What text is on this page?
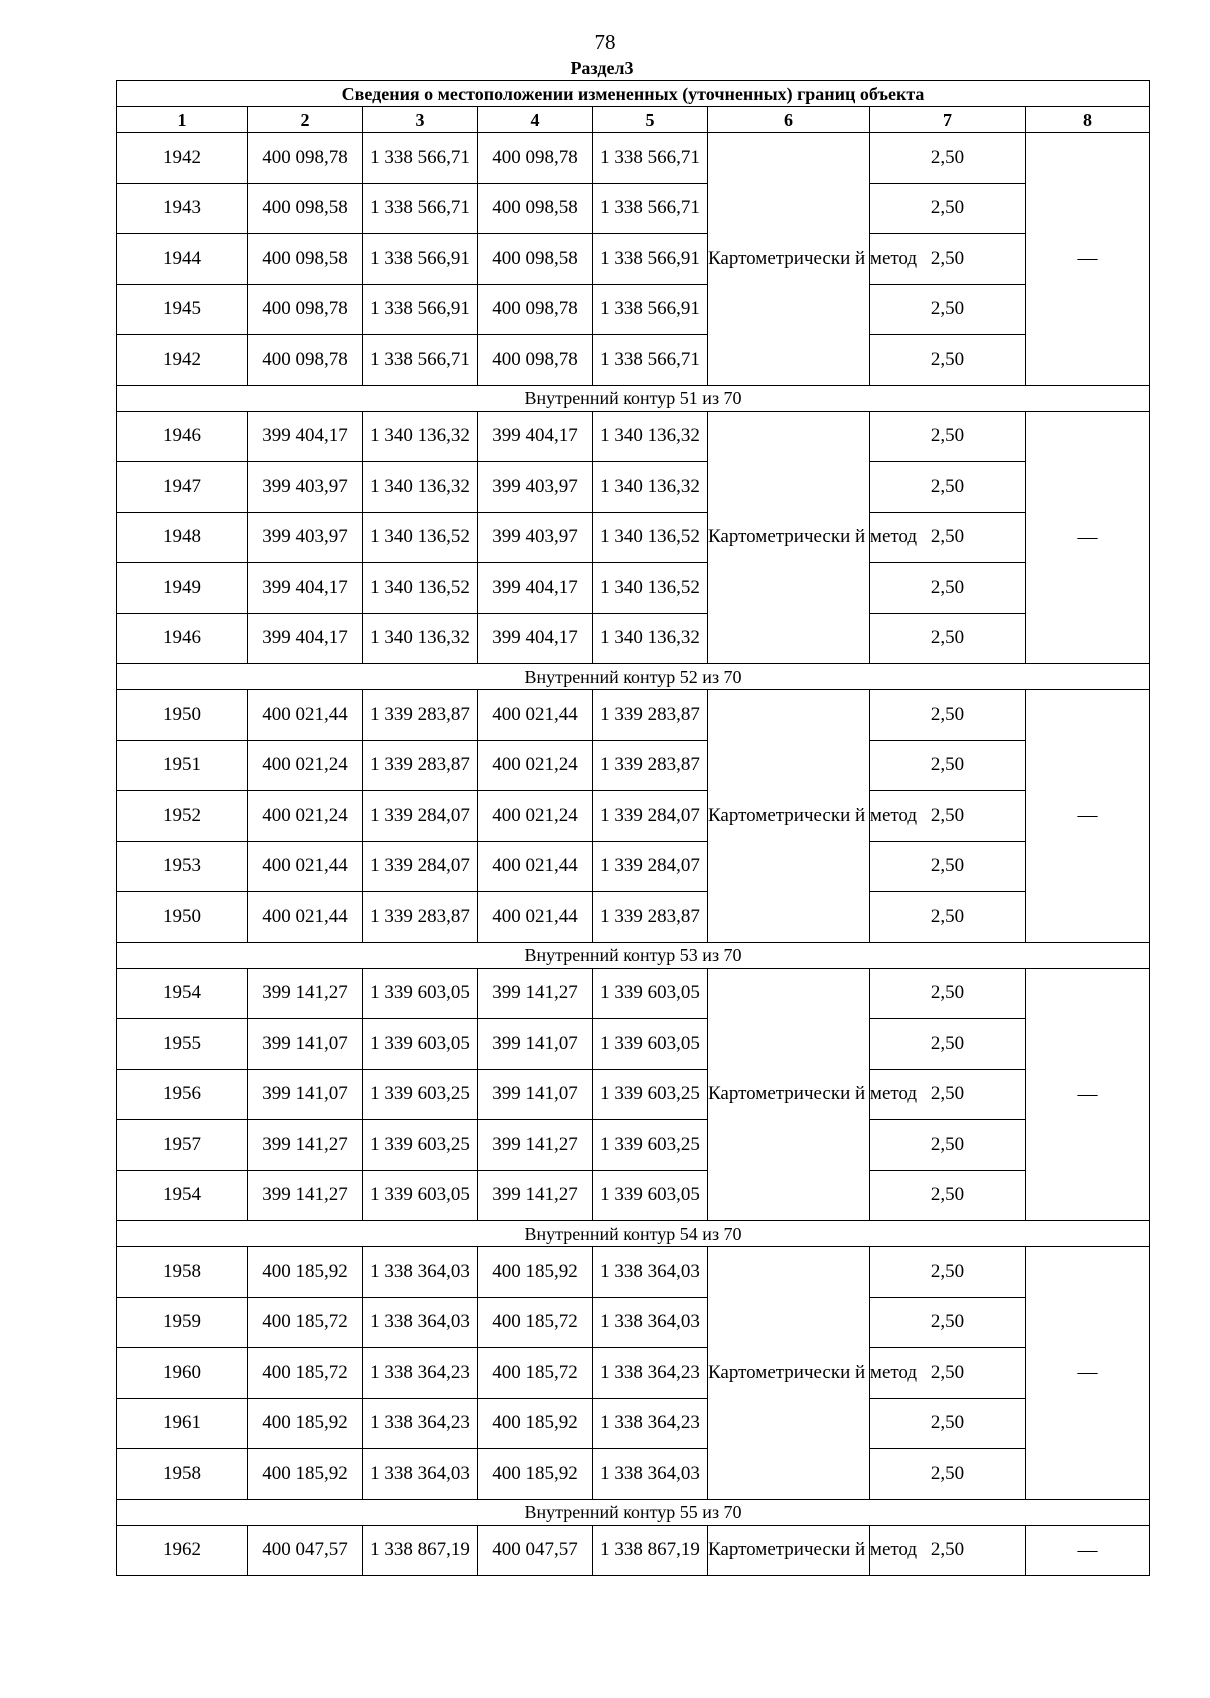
78
Раздел3
Сведения о местоположении измененных (уточненных) границ объекта							
1	2	3	4	5	6	7	8
1942	400 098,78	1 338 566,71	400 098,78	1 338 566,71	Картометрически й метод	2,50	—
1943	400 098,58	1 338 566,71	400 098,58	1 338 566,71		2,50	
1944	400 098,58	1 338 566,91	400 098,58	1 338 566,91		2,50	
1945	400 098,78	1 338 566,91	400 098,78	1 338 566,91		2,50	
1942	400 098,78	1 338 566,71	400 098,78	1 338 566,71		2,50	
Внутренний контур 51 из 70							
1946	399 404,17	1 340 136,32	399 404,17	1 340 136,32	Картометрически й метод	2,50	—
1947	399 403,97	1 340 136,32	399 403,97	1 340 136,32		2,50	
1948	399 403,97	1 340 136,52	399 403,97	1 340 136,52		2,50	
1949	399 404,17	1 340 136,52	399 404,17	1 340 136,52		2,50	
1946	399 404,17	1 340 136,32	399 404,17	1 340 136,32		2,50	
Внутренний контур 52 из 70							
1950	400 021,44	1 339 283,87	400 021,44	1 339 283,87	Картометрически й метод	2,50	—
1951	400 021,24	1 339 283,87	400 021,24	1 339 283,87		2,50	
1952	400 021,24	1 339 284,07	400 021,24	1 339 284,07		2,50	
1953	400 021,44	1 339 284,07	400 021,44	1 339 284,07		2,50	
1950	400 021,44	1 339 283,87	400 021,44	1 339 283,87		2,50	
Внутренний контур 53 из 70							
1954	399 141,27	1 339 603,05	399 141,27	1 339 603,05	Картометрически й метод	2,50	—
1955	399 141,07	1 339 603,05	399 141,07	1 339 603,05		2,50	
1956	399 141,07	1 339 603,25	399 141,07	1 339 603,25		2,50	
1957	399 141,27	1 339 603,25	399 141,27	1 339 603,25		2,50	
1954	399 141,27	1 339 603,05	399 141,27	1 339 603,05		2,50	
Внутренний контур 54 из 70							
1958	400 185,92	1 338 364,03	400 185,92	1 338 364,03	Картометрически й метод	2,50	—
1959	400 185,72	1 338 364,03	400 185,72	1 338 364,03		2,50	
1960	400 185,72	1 338 364,23	400 185,72	1 338 364,23		2,50	
1961	400 185,92	1 338 364,23	400 185,92	1 338 364,23		2,50	
1958	400 185,92	1 338 364,03	400 185,92	1 338 364,03		2,50	
Внутренний контур 55 из 70							
1962	400 047,57	1 338 867,19	400 047,57	1 338 867,19	Картометрически й метод	2,50	—
